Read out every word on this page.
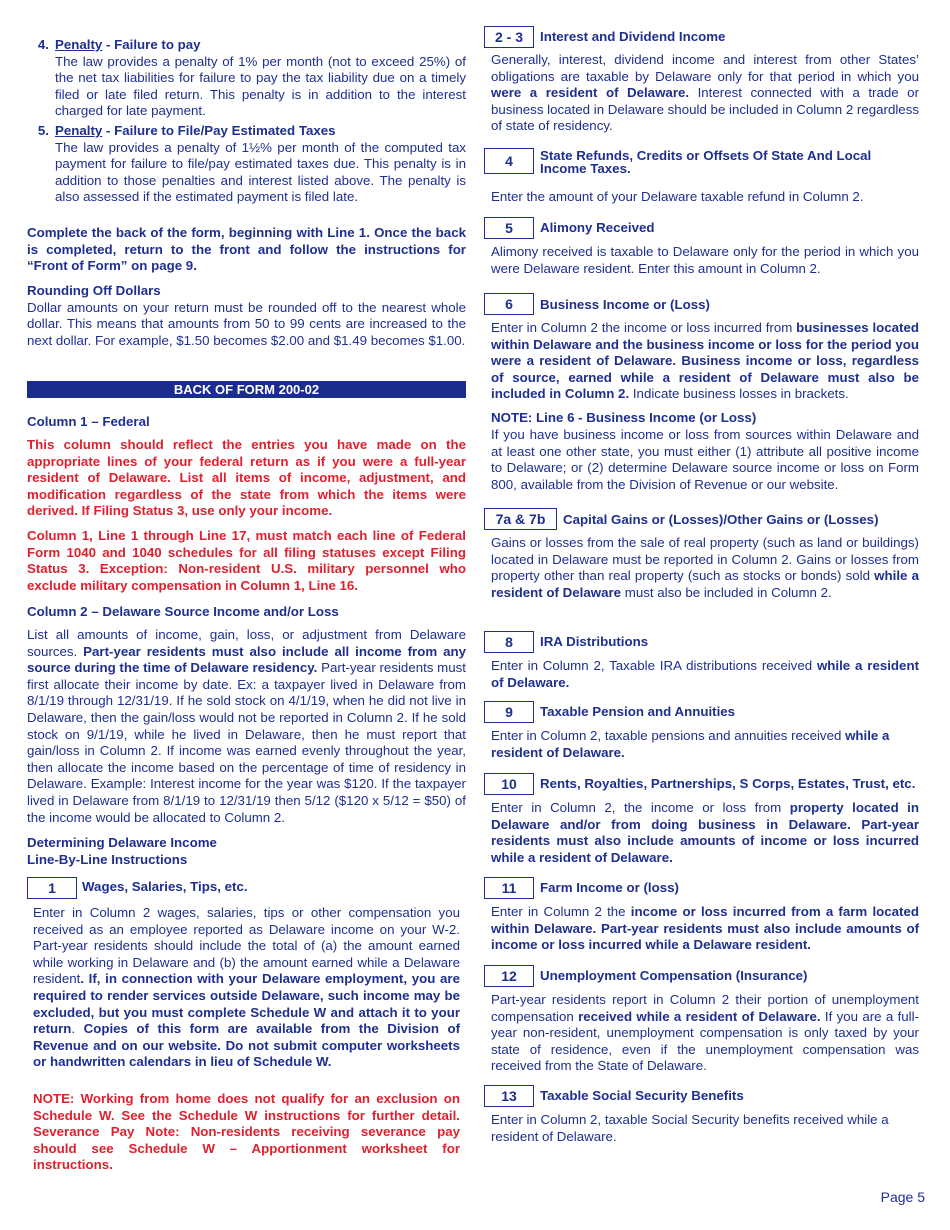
4. Penalty - Failure to pay

The law provides a penalty of 1% per month (not to exceed 25%) of the net tax liabilities for failure to pay the tax liability due on a timely filed or late filed return. This penalty is in addition to the interest charged for late payment.

5. Penalty - Failure to File/Pay Estimated Taxes

The law provides a penalty of 1½% per month of the computed tax payment for failure to file/pay estimated taxes due. This penalty is in addition to those penalties and interest listed above. The penalty is also assessed if the estimated payment is filed late.

Complete the back of the form, beginning with Line 1. Once the back is completed, return to the front and follow the instructions for “Front of Form” on page 9.

Rounding Off Dollars

Dollar amounts on your return must be rounded off to the nearest whole dollar. This means that amounts from 50 to 99 cents are increased to the next dollar. For example, $1.50 becomes $2.00 and $1.49 becomes $1.00.

BACK OF FORM 200-02
Column 1 – Federal

This column should reflect the entries you have made on the appropriate lines of your federal return as if you were a full-year resident of Delaware. List all items of income, adjustment, and modification regardless of the state from which the items were derived. If Filing Status 3, use only your income.

Column 1, Line 1 through Line 17, must match each line of Federal Form 1040 and 1040 schedules for all filing statuses except Filing Status 3. Exception: Non-resident U.S. military personnel who exclude military compensation in Column 1, Line 16.

Column 2 – Delaware Source Income and/or Loss

List all amounts of income, gain, loss, or adjustment from Delaware sources. Part-year residents must also include all income from any source during the time of Delaware residency. Part-year residents must first allocate their income by date. Ex: a taxpayer lived in Delaware from 8/1/19 through 12/31/19. If he sold stock on 4/1/19, when he did not live in Delaware, then the gain/loss would not be reported in Column 2. If he sold stock on 9/1/19, while he lived in Delaware, then he must report that gain/loss in Column 2. If income was earned evenly throughout the year, then allocate the income based on the percentage of time of residency in Delaware. Example: Interest income for the year was $120. If the taxpayer lived in Delaware from 8/1/19 to 12/31/19 then 5/12 ($120 x 5/12 = $50) of the income would be allocated to Column 2.

Determining Delaware Income
Line-By-Line Instructions
1	Wages, Salaries, Tips, etc.

Enter in Column 2 wages, salaries, tips or other compensation you received as an employee reported as Delaware income on your W-2. Part-year residents should include the total of (a) the amount earned while working in Delaware and (b) the amount earned while a Delaware resident. If, in connection with your Delaware employment, you are required to render services outside Delaware, such income may be excluded, but you must complete Schedule W and attach it to your return. Copies of this form are available from the Division of Revenue and on our website. Do not submit computer worksheets or handwritten calendars in lieu of Schedule W.

NOTE: Working from home does not qualify for an exclusion on Schedule W. See the Schedule W instructions for further detail. Severance Pay Note: Non-residents receiving severance pay should see Schedule W – Apportionment worksheet for instructions.

2 - 3	Interest and Dividend Income

Generally, interest, dividend income and interest from other States’ obligations are taxable by Delaware only for that period in which you were a resident of Delaware. Interest connected with a trade or business located in Delaware should be included in Column 2 regardless of state of residency.

4	State Refunds, Credits or Offsets Of State And Local
Income Taxes.

Enter the amount of your Delaware taxable refund in Column 2.

5	Alimony Received

Alimony received is taxable to Delaware only for the period in which you were Delaware resident. Enter this amount in Column 2.

6	Business Income or (Loss)

Enter in Column 2 the income or loss incurred from businesses located within Delaware and the business income or loss for the period you were a resident of Delaware. Business income or loss, regardless of source, earned while a resident of Delaware must also be included in Column 2. Indicate business losses in brackets.

NOTE: Line 6 - Business Income (or Loss)

If you have business income or loss from sources within Delaware and at least one other state, you must either (1) attribute all positive income to Delaware; or (2) determine Delaware source income or loss on Form 800, available from the Division of Revenue or our website.

7a & 7b	Capital Gains or (Losses)/Other Gains or (Losses)

Gains or losses from the sale of real property (such as land or buildings) located in Delaware must be reported in Column 2. Gains or losses from property other than real property (such as stocks or bonds) sold while a resident of Delaware must also be included in Column 2.

8	IRA Distributions

Enter in Column 2, Taxable IRA distributions received while a resident of Delaware.

9	Taxable Pension and Annuities

Enter in Column 2, taxable pensions and annuities received while a resident of Delaware.

10	Rents, Royalties, Partnerships, S Corps, Estates, Trust, etc.

Enter in Column 2, the income or loss from property located in Delaware and/or from doing business in Delaware. Part-year residents must also include amounts of income or loss incurred while a resident of Delaware.

11	Farm Income or (loss)

Enter in Column 2 the income or loss incurred from a farm located within Delaware. Part-year residents must also include amounts of income or loss incurred while a Delaware resident.

12	Unemployment Compensation (Insurance)

Part-year residents report in Column 2 their portion of unemployment compensation received while a resident of Delaware. If you are a full-year non-resident, unemployment compensation is only taxed by your state of residence, even if the unemployment compensation was received from the State of Delaware.

13	Taxable Social Security Benefits

Enter in Column 2, taxable Social Security benefits received while a resident of Delaware.

Page 5
